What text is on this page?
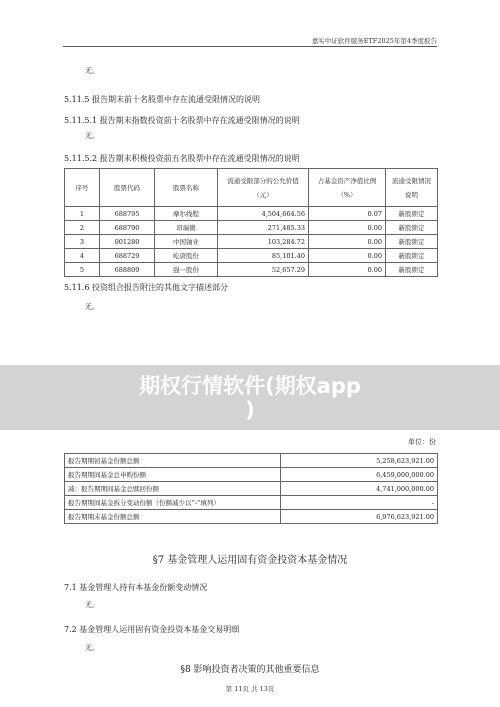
嘉实中证软件服务ETF2025年第4季度报告
无。
5.11.5 报告期末前十名股票中存在流通受限情况的说明
5.11.5.1 报告期末指数投资前十名股票中存在流通受限情况的说明
无。
5.11.5.2 报告期末积极投资前五名股票中存在流通受限情况的说明
序号	股票代码	股票名称	流通受限部分的公允价值（元）	占基金资产净值比例（%）	流通受限情况说明
1	688795	摩尔线程	4,504,664.56	0.07	新股锁定
2	688790	昂瑞微	271,485.33	0.00	新股锁定
3	001280	中国铀业	103,284.72	0.00	新股锁定
4	688729	屹唐股份	85,101.40	0.00	新股锁定
5	688809	强一股份	52,657.29	0.00	新股锁定
5.11.6 投资组合报告附注的其他文字描述部分
无。
期权行情软件(期权app
)
单位：份
报告期期初基金份额总额	5,258,623,921.00
报告期期间基金总申购份额	6,459,000,000.00
减：报告期期间基金总赎回份额	4,741,000,000.00
报告期期间基金拆分变动份额（份额减少以“-”填列）	-
报告期期末基金份额总额	6,976,623,921.00
§7 基金管理人运用固有资金投资本基金情况
7.1 基金管理人持有本基金份额变动情况
无。
7.2 基金管理人运用固有资金投资本基金交易明细
无。
第 11页 共 13页
§8 影响投资者决策的其他重要信息
